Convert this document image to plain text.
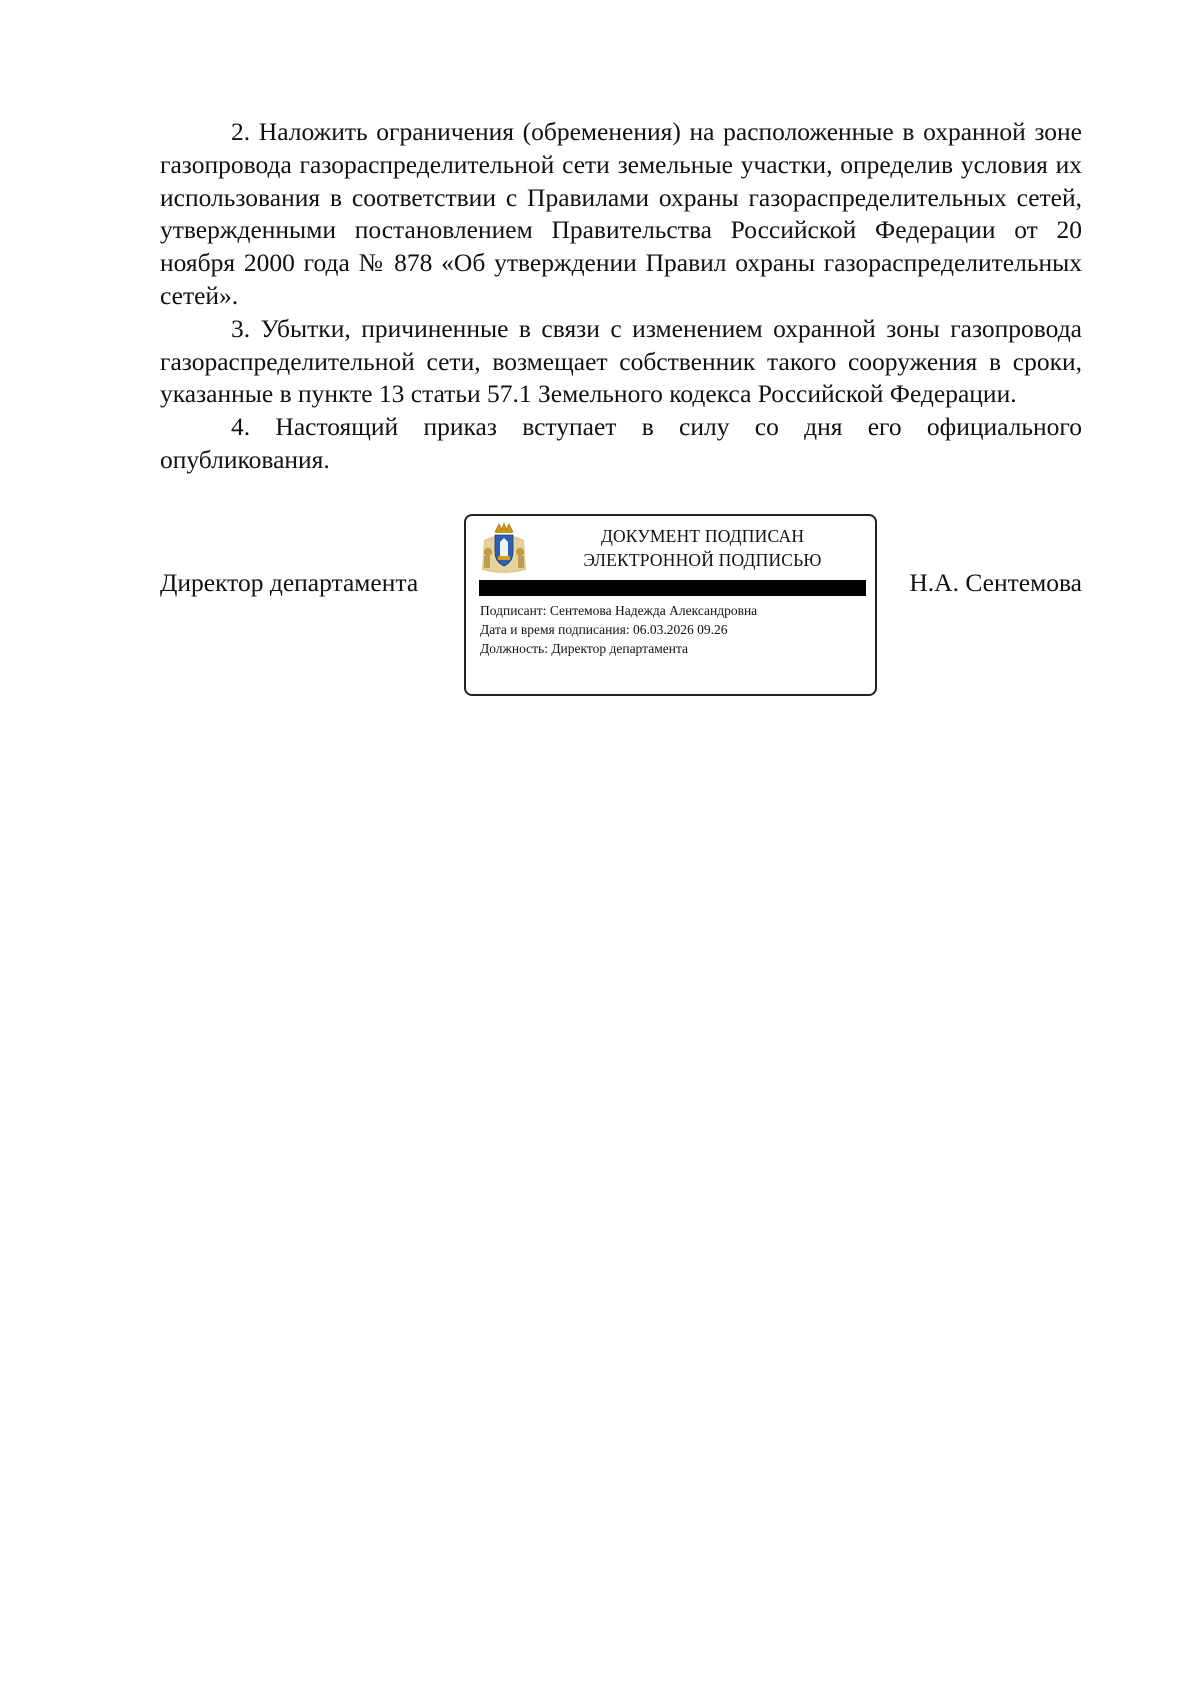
2. Наложить ограничения (обременения) на расположенные в охранной зоне газопровода газораспределительной сети земельные участки, определив условия их использования в соответствии с Правилами охраны газораспределительных сетей, утвержденными постановлением Правительства Российской Федерации от 20 ноября 2000 года № 878 «Об утверждении Правил охраны газораспределительных сетей».

3. Убытки, причиненные в связи с изменением охранной зоны газопровода газораспределительной сети, возмещает собственник такого сооружения в сроки, указанные в пункте 13 статьи 57.1 Земельного кодекса Российской Федерации.

4. Настоящий приказ вступает в силу со дня его официального опубликования.

Директор департамента
ДОКУМЕНТ ПОДПИСАН
ЭЛЕКТРОННОЙ ПОДПИСЬЮ
Подписант: Сентемова Надежда Александровна
Дата и время подписания: 06.03.2026 09.26
Должность: Директор департамента
Н.А. Сентемова
